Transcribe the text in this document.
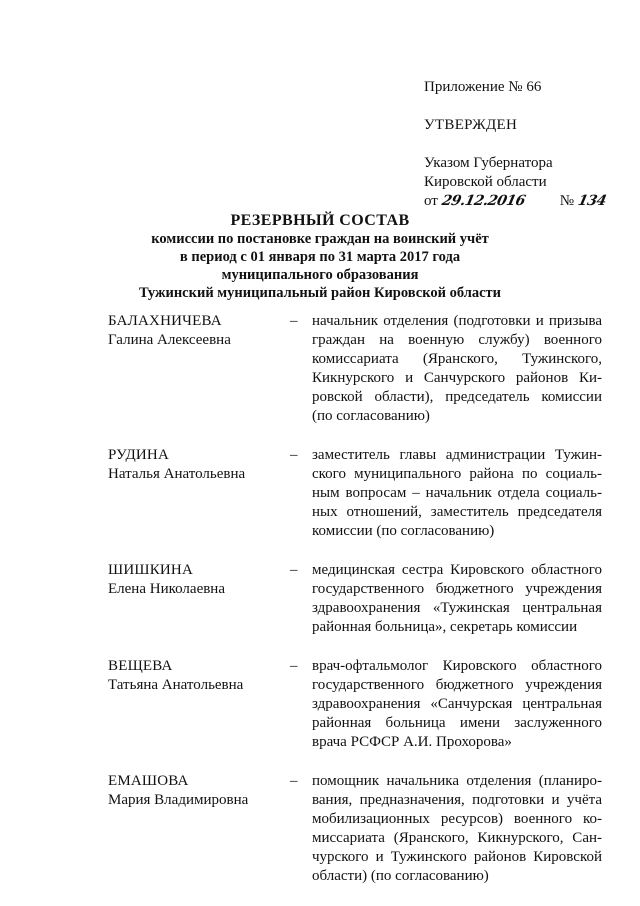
Приложение № 66
УТВЕРЖДЕН
Указом Губернатора
Кировской области
от 29.12.2016 № 134
РЕЗЕРВНЫЙ СОСТАВ
комиссии по постановке граждан на воинский учёт
в период с 01 января по 31 марта 2017 года
муниципального образования
Тужинский муниципальный район Кировской области
БАЛАХНИЧЕВА
Галина Алексеевна
– начальник отделения (подготовки и призыва граждан на военную службу) военного комиссариата (Яранского, Тужинского, Кикнурского и Санчурского районов Кировской области), председатель комиссии (по согласованию)
РУДИНА
Наталья Анатольевна
– заместитель главы администрации Тужинского муниципального района по социальным вопросам – начальник отдела социальных отношений, заместитель председателя комиссии (по согласованию)
ШИШКИНА
Елена Николаевна
– медицинская сестра Кировского областного государственного бюджетного учреждения здравоохранения «Тужинская центральная районная больница», секретарь комиссии
ВЕЩЕВА
Татьяна Анатольевна
– врач-офтальмолог Кировского областного государственного бюджетного учреждения здравоохранения «Санчурская центральная районная больница имени заслуженного врача РСФСР А.И. Прохорова»
ЕМАШОВА
Мария Владимировна
– помощник начальника отделения (планирования, предназначения, подготовки и учёта мобилизационных ресурсов) военного комиссариата (Яранского, Кикнурского, Санчурского и Тужинского районов Кировской области) (по согласованию)
